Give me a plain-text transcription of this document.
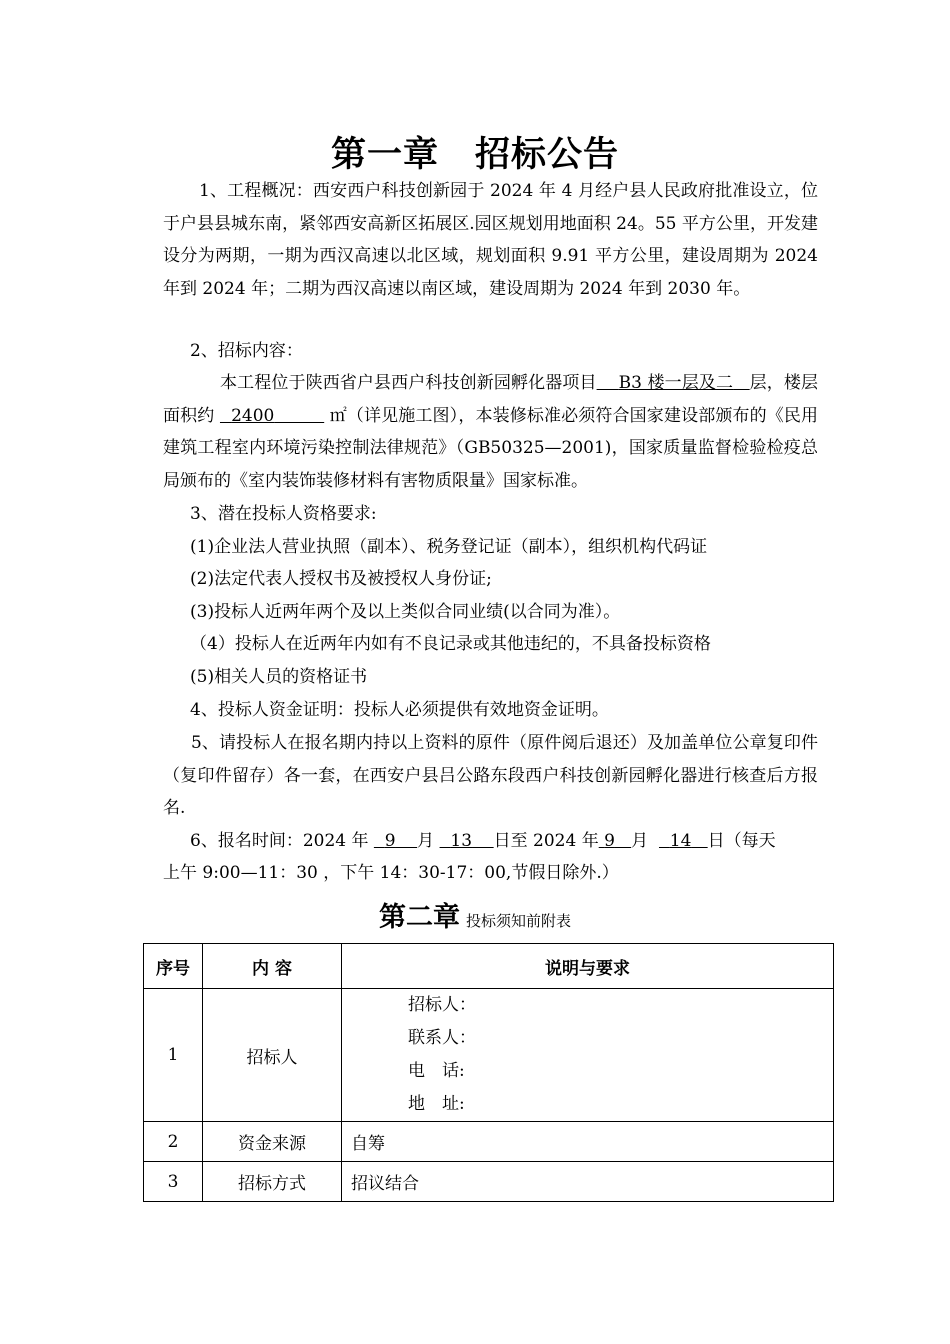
第一章　招标公告
1、工程概况：西安西户科技创新园于 2024 年 4 月经户县人民政府批准设立，位于户县县城东南，紧邻西安高新区拓展区.园区规划用地面积 24。55 平方公里，开发建设分为两期，一期为西汉高速以北区域，规划面积 9.91 平方公里，建设周期为 2024 年到 2024 年；二期为西汉高速以南区域，建设周期为 2024 年到 2030 年。
2、招标内容：
本工程位于陕西省户县西户科技创新园孵化器项目 B3 楼一层及二 层，楼层面积约 2400	㎡（详见施工图），本装修标准必须符合国家建设部颁布的《民用建筑工程室内环境污染控制法律规范》（GB50325—2001)，国家质量监督检验检疫总局颁布的《室内装饰装修材料有害物质限量》国家标准。
3、潜在投标人资格要求:
(1)企业法人营业执照（副本）、税务登记证（副本），组织机构代码证
(2)法定代表人授权书及被授权人身份证;
(3)投标人近两年两个及以上类似合同业绩(以合同为准）。
（4）投标人在近两年内如有不良记录或其他违纪的，不具备投标资格
(5)相关人员的资格证书
4、投标人资金证明：投标人必须提供有效地资金证明。
5、请投标人在报名期内持以上资料的原件（原件阅后退还）及加盖单位公章复印件（复印件留存）各一套，在西安户县吕公路东段西户科技创新园孵化器进行核查后方报名.
6、报名时间：2024 年 9 月 13 日至 2024 年 9 月 14 日（每天
上午 9:00—11：30 ，下午 14：30-17：00,节假日除外.）
第二章 投标须知前附表
序号	内 容	说明与要求
1	招标人	招标人：
联系人：
电　话:
地　址:

2	资金来源	自筹
3	招标方式	招议结合
